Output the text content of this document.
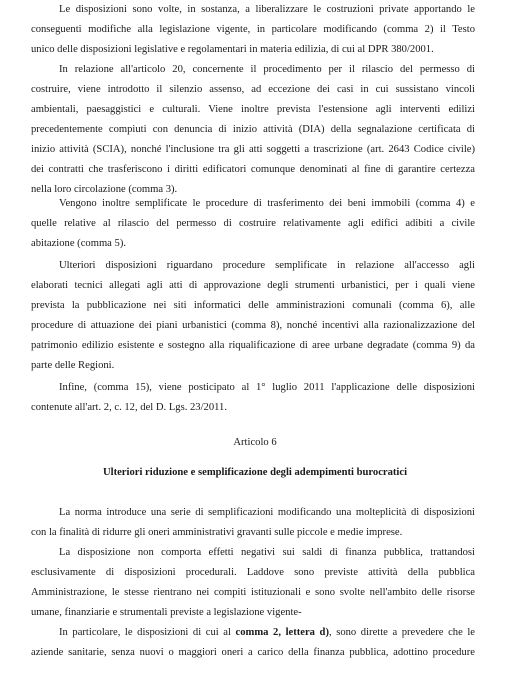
Le disposizioni sono volte, in sostanza, a liberalizzare le costruzioni private apportando le
conseguenti modifiche alla legislazione vigente, in particolare modificando (comma 2) il Testo
unico delle disposizioni legislative e regolamentari in materia edilizia, di cui al DPR 380/2001.
In relazione all'articolo 20, concernente il procedimento per il rilascio del permesso di
costruire, viene introdotto il silenzio assenso, ad eccezione dei casi in cui sussistano vincoli
ambientali, paesaggistici e culturali. Viene inoltre prevista l'estensione agli interventi edilizi
precedentemente compiuti con denuncia di inizio attività (DIA) della segnalazione certificata di
inizio attività (SCIA), nonché l'inclusione tra gli atti soggetti a trascrizione (art. 2643 Codice civile)
dei contratti che trasferiscono i diritti edificatori comunque denominati al fine di garantire certezza
nella loro circolazione (comma 3).
Vengono inoltre semplificate le procedure di trasferimento dei beni immobili (comma 4) e
quelle relative al rilascio del permesso di costruire relativamente agli edifici adibiti a civile
abitazione (comma 5).
Ulteriori disposizioni riguardano procedure semplificate in relazione all'accesso agli
elaborati tecnici allegati agli atti di approvazione degli strumenti urbanistici, per i quali viene
prevista la pubblicazione nei siti informatici delle amministrazioni comunali (comma 6), alle
procedure di attuazione dei piani urbanistici (comma 8), nonché incentivi alla razionalizzazione del
patrimonio edilizio esistente e sostegno alla riqualificazione di aree urbane degradate (comma 9) da
parte delle Regioni.
Infine, (comma 15), viene posticipato al 1° luglio 2011 l'applicazione delle disposizioni
contenute all'art. 2, c. 12, del D. Lgs. 23/2011.
Articolo 6
Ulteriori riduzione e semplificazione degli adempimenti burocratici
La norma introduce una serie di semplificazioni modificando una molteplicità di disposizioni
con la finalità di ridurre gli oneri amministrativi gravanti sulle piccole e medie imprese.
La disposizione non comporta effetti negativi sui saldi di finanza pubblica, trattandosi
esclusivamente di disposizioni procedurali. Laddove sono previste attività della pubblica
Amministrazione, le stesse rientrano nei compiti istituzionali e sono svolte nell'ambito delle risorse
umane, finanziarie e strumentali previste a legislazione vigente-
In particolare, le disposizioni di cui al comma 2, lettera d), sono dirette a prevedere che le
aziende sanitarie, senza nuovi o maggiori oneri a carico della finanza pubblica, adottino procedure
